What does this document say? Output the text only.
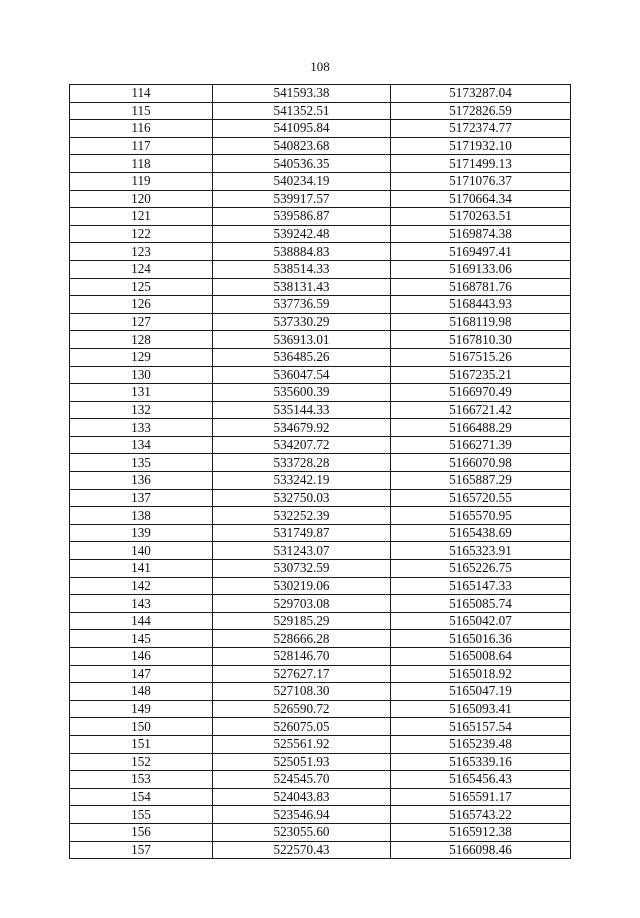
108
114	541593.38	5173287.04
115	541352.51	5172826.59
116	541095.84	5172374.77
117	540823.68	5171932.10
118	540536.35	5171499.13
119	540234.19	5171076.37
120	539917.57	5170664.34
121	539586.87	5170263.51
122	539242.48	5169874.38
123	538884.83	5169497.41
124	538514.33	5169133.06
125	538131.43	5168781.76
126	537736.59	5168443.93
127	537330.29	5168119.98
128	536913.01	5167810.30
129	536485.26	5167515.26
130	536047.54	5167235.21
131	535600.39	5166970.49
132	535144.33	5166721.42
133	534679.92	5166488.29
134	534207.72	5166271.39
135	533728.28	5166070.98
136	533242.19	5165887.29
137	532750.03	5165720.55
138	532252.39	5165570.95
139	531749.87	5165438.69
140	531243.07	5165323.91
141	530732.59	5165226.75
142	530219.06	5165147.33
143	529703.08	5165085.74
144	529185.29	5165042.07
145	528666.28	5165016.36
146	528146.70	5165008.64
147	527627.17	5165018.92
148	527108.30	5165047.19
149	526590.72	5165093.41
150	526075.05	5165157.54
151	525561.92	5165239.48
152	525051.93	5165339.16
153	524545.70	5165456.43
154	524043.83	5165591.17
155	523546.94	5165743.22
156	523055.60	5165912.38
157	522570.43	5166098.46
